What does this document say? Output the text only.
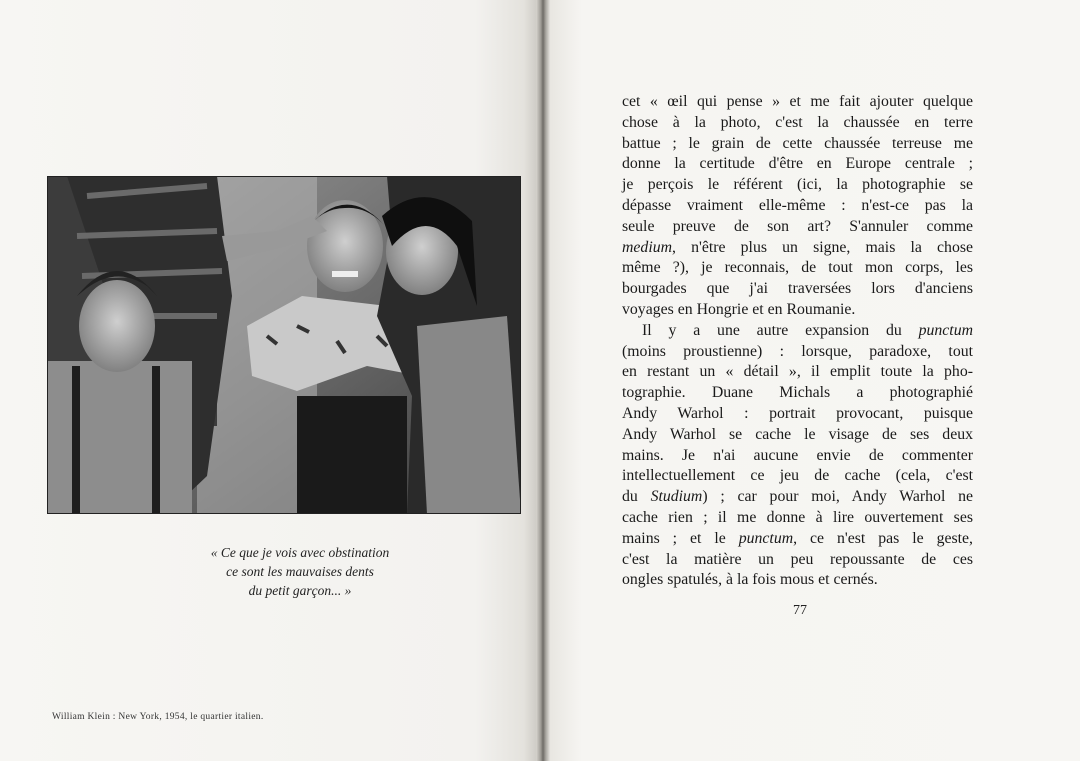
« Ce que je vois avec obstination
ce sont les mauvaises dents
du petit garçon... »
William Klein : New York, 1954, le quartier italien.
cet « œil qui pense » et me fait ajouter quelque
chose à la photo, c'est la chaussée en terre
battue ; le grain de cette chaussée terreuse me
donne la certitude d'être en Europe centrale ;
je perçois le référent (ici, la photographie se
dépasse vraiment elle-même : n'est-ce pas la
seule preuve de son art? S'annuler comme
medium, n'être plus un signe, mais la chose
même ?), je reconnais, de tout mon corps, les
bourgades que j'ai traversées lors d'anciens
voyages en Hongrie et en Roumanie.
Il y a une autre expansion du punctum
(moins proustienne) : lorsque, paradoxe, tout
en restant un « détail », il emplit toute la pho-
tographie. Duane Michals a photographié
Andy Warhol : portrait provocant, puisque
Andy Warhol se cache le visage de ses deux
mains. Je n'ai aucune envie de commenter
intellectuellement ce jeu de cache (cela, c'est
du Studium) ; car pour moi, Andy Warhol ne
cache rien ; il me donne à lire ouvertement ses
mains ; et le punctum, ce n'est pas le geste,
c'est la matière un peu repoussante de ces
ongles spatulés, à la fois mous et cernés.
77
